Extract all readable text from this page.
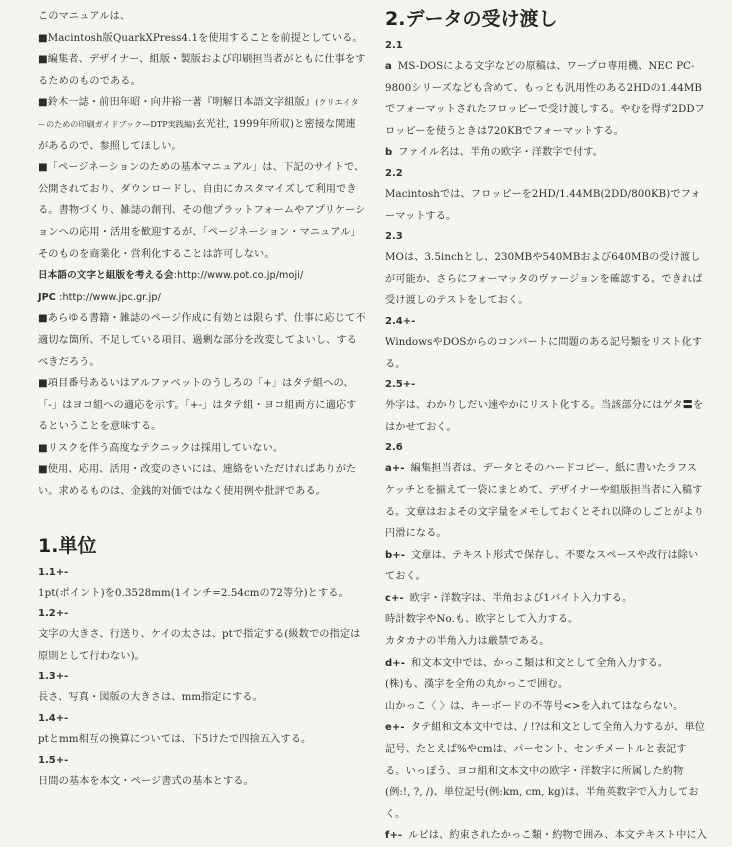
このマニュアルは、

■Macintosh版QuarkXPress4.1を使用することを前提としている。

■編集者、デザイナー、組版・製版および印刷担当者がともに仕事をするためのものである。

■鈴木一誌・前田年昭・向井裕一著『明解日本語文字組版』(クリエイターのための印刷ガイドブック—DTP実践編)玄光社, 1999年所収)と密接な関連があるので、参照してほしい。

■「ページネーションのための基本マニュアル」は、下記のサイトで、公開されており、ダウンロードし、自由にカスタマイズして利用できる。書物づくり、雑誌の創刊、その他プラットフォームやアプリケーションへの応用・活用を歓迎するが、「ページネーション・マニュアル」そのものを商業化・営利化することは許可しない。

日本語の文字と組版を考える会:http://www.pot.co.jp/moji/

JPC :http://www.jpc.gr.jp/

■あらゆる書籍・雑誌のページ作成に有効とは限らず、仕事に応じて不適切な箇所、不足している項目、過剰な部分を改変してよいし、するべきだろう。

■項目番号あるいはアルファベットのうしろの「+」はタテ組への、「-」はヨコ組への適応を示す。「+-」はタテ組・ヨコ組両方に適応するということを意味する。

■リスクを伴う高度なテクニックは採用していない。

■使用、応用、活用・改変のさいには、連絡をいただければありがたい。求めるものは、金銭的対価ではなく使用例や批評である。

1.単位
1.1+-

1pt(ポイント)を0.3528mm(1インチ=2.54cmの72等分)とする。

1.2+-

文字の大きさ、行送り、ケイの太さは、ptで指定する(級数での指定は原則として行わない)。

1.3+-

長さ、写真・図版の大きさは、mm指定にする。

1.4+-

ptとmm相互の換算については、下5けたで四捨五入する。

1.5+-

日間の基本を本文・ページ書式の基本とする。

2.データの受け渡し
2.1

a MS-DOSによる文字などの原稿は、ワープロ専用機、NEC PC-9800シリーズなども含めて、もっとも汎用性のある2HDの1.44MBでフォーマットされたフロッピーで受け渡しする。やむを得ず2DDフロッピーを使うときは720KBでフォーマットする。

b ファイル名は、半角の欧字・洋数字で付す。

2.2

Macintoshでは、フロッピーを2HD/1.44MB(2DD/800KB)でフォーマットする。

2.3

MOは、3.5inchとし、230MBや540MBおよび640MBの受け渡しが可能か、さらにフォーマッタのヴァージョンを確認する。できれば受け渡しのテストをしておく。

2.4+-

WindowsやDOSからのコンバートに問題のある記号類をリスト化する。

2.5+-

外字は、わかりしだい速やかにリスト化する。当該部分にはゲタ〓をはかせておく。

2.6

a+- 編集担当者は、データとそのハードコピー、紙に書いたラフスケッチとを揃えて一袋にまとめて、デザイナーや組版担当者に入稿する。文章はおよその文字量をメモしておくとそれ以降のしごとがより円滑になる。

b+- 文章は、テキスト形式で保存し、不要なスペースや改行は除いておく。

c+- 欧字・洋数字は、半角および1バイト入力する。

時計数字やNo.も、欧字として入力する。

カタカナの半角入力は厳禁である。

d+- 和文本文中では、かっこ類は和文として全角入力する。

(株)も、漢字を全角の丸かっこで囲む。

山かっこ〈 〉は、キーボードの不等号<>を入れてはならない。

e+- タテ組和文本文中では、/ !?は和文として全角入力するが、単位記号、たとえば%やcmは、パーセント、センチメートルと表記する。いっぽう、ヨコ組和文本文中の欧字・洋数字に所属した約物(例:!, ?, /)、単位記号(例:km, cm, kg)は、半角英数字で入力しておく。

f+- ルビは、約束されたかっこ類・約物で囲み、本文テキスト中に入
